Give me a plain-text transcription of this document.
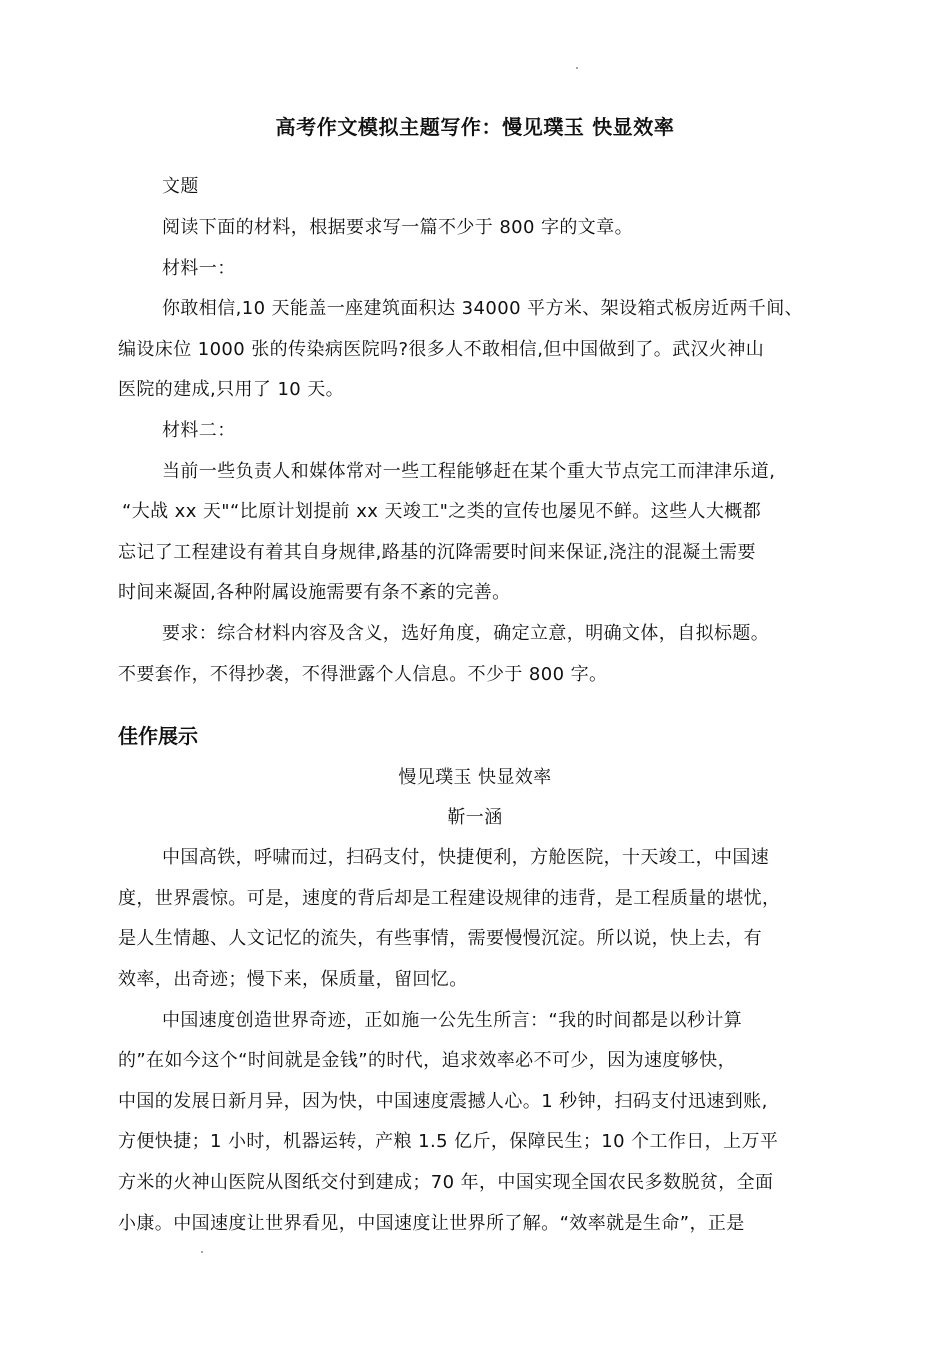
高考作文模拟主题写作：慢见璞玉 快显效率
文题
阅读下面的材料，根据要求写一篇不少于 800 字的文章。
材料一：
你敢相信,10 天能盖一座建筑面积达 34000 平方米、架设箱式板房近两千间、
编设床位 1000 张的传染病医院吗?很多人不敢相信,但中国做到了。武汉火神山
医院的建成,只用了 10 天。
材料二：
当前一些负责人和媒体常对一些工程能够赶在某个重大节点完工而津津乐道,
“大战 xx 天"“比原计划提前 xx 天竣工"之类的宣传也屡见不鲜。这些人大概都
忘记了工程建设有着其自身规律,路基的沉降需要时间来保证,浇注的混凝土需要
时间来凝固,各种附属设施需要有条不紊的完善。
要求：综合材料内容及含义，选好角度，确定立意，明确文体，自拟标题。
不要套作，不得抄袭，不得泄露个人信息。不少于 800 字。
佳作展示
慢见璞玉 快显效率
靳一涵
中国高铁，呼啸而过，扫码支付，快捷便利，方舱医院，十天竣工，中国速
度，世界震惊。可是，速度的背后却是工程建设规律的违背，是工程质量的堪忧，
是人生情趣、人文记忆的流失，有些事情，需要慢慢沉淀。所以说，快上去，有
效率，出奇迹；慢下来，保质量，留回忆。
中国速度创造世界奇迹，正如施一公先生所言：“我的时间都是以秒计算
的”在如今这个“时间就是金钱”的时代，追求效率必不可少，因为速度够快，
中国的发展日新月异，因为快，中国速度震撼人心。1 秒钟，扫码支付迅速到账,
方便快捷；1 小时，机器运转，产粮 1.5 亿斤，保障民生；10 个工作日，上万平
方米的火神山医院从图纸交付到建成；70 年，中国实现全国农民多数脱贫，全面
小康。中国速度让世界看见，中国速度让世界所了解。“效率就是生命”，正是
